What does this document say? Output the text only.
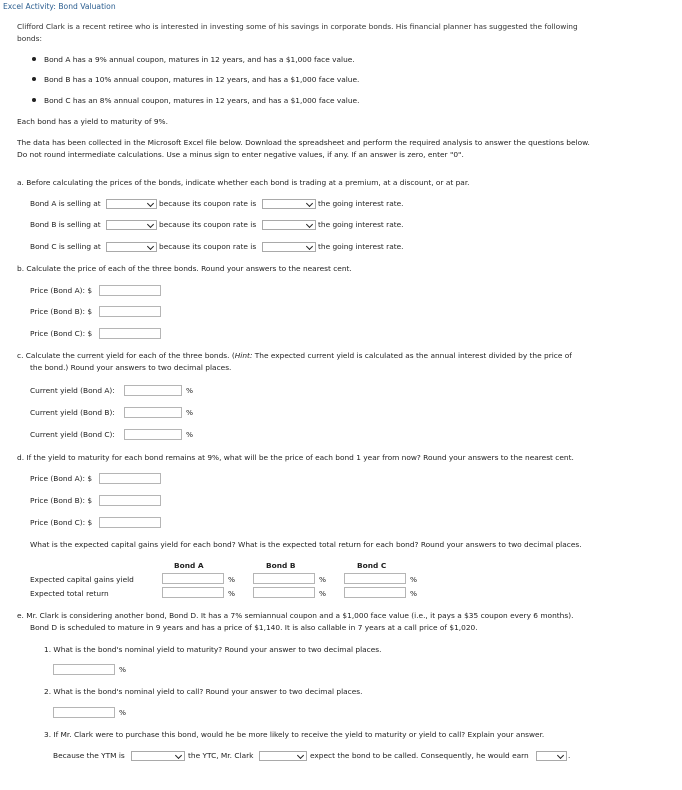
Excel Activity: Bond Valuation
Clifford Clark is a recent retiree who is interested in investing some of his savings in corporate bonds. His financial planner has suggested the following
bonds:
Bond A has a 9% annual coupon, matures in 12 years, and has a $1,000 face value.
Bond B has a 10% annual coupon, matures in 12 years, and has a $1,000 face value.
Bond C has an 8% annual coupon, matures in 12 years, and has a $1,000 face value.
Each bond has a yield to maturity of 9%.
The data has been collected in the Microsoft Excel file below. Download the spreadsheet and perform the required analysis to answer the questions below.
Do not round intermediate calculations. Use a minus sign to enter negative values, if any. If an answer is zero, enter "0".
a. Before calculating the prices of the bonds, indicate whether each bond is trading at a premium, at a discount, or at par.
Bond A is selling at	because its coupon rate is	the going interest rate.
Bond B is selling at	because its coupon rate is	the going interest rate.
Bond C is selling at	because its coupon rate is	the going interest rate.
b. Calculate the price of each of the three bonds. Round your answers to the nearest cent.
Price (Bond A): $
Price (Bond B): $
Price (Bond C): $
c. Calculate the current yield for each of the three bonds. (Hint: The expected current yield is calculated as the annual interest divided by the price of
the bond.) Round your answers to two decimal places.
Current yield (Bond A):	%
Current yield (Bond B):	%
Current yield (Bond C):	%
d. If the yield to maturity for each bond remains at 9%, what will be the price of each bond 1 year from now? Round your answers to the nearest cent.
Price (Bond A): $
Price (Bond B): $
Price (Bond C): $
What is the expected capital gains yield for each bond? What is the expected total return for each bond? Round your answers to two decimal places.
Bond A	Bond B	Bond C
Expected capital gains yield	%	%	%
Expected total return	%	%	%
e. Mr. Clark is considering another bond, Bond D. It has a 7% semiannual coupon and a $1,000 face value (i.e., it pays a $35 coupon every 6 months).
Bond D is scheduled to mature in 9 years and has a price of $1,140. It is also callable in 7 years at a call price of $1,020.
1. What is the bond's nominal yield to maturity? Round your answer to two decimal places.
%
2. What is the bond's nominal yield to call? Round your answer to two decimal places.
%
3. If Mr. Clark were to purchase this bond, would he be more likely to receive the yield to maturity or yield to call? Explain your answer.
Because the YTM is	the YTC, Mr. Clark	expect the bond to be called. Consequently, he would earn	.
